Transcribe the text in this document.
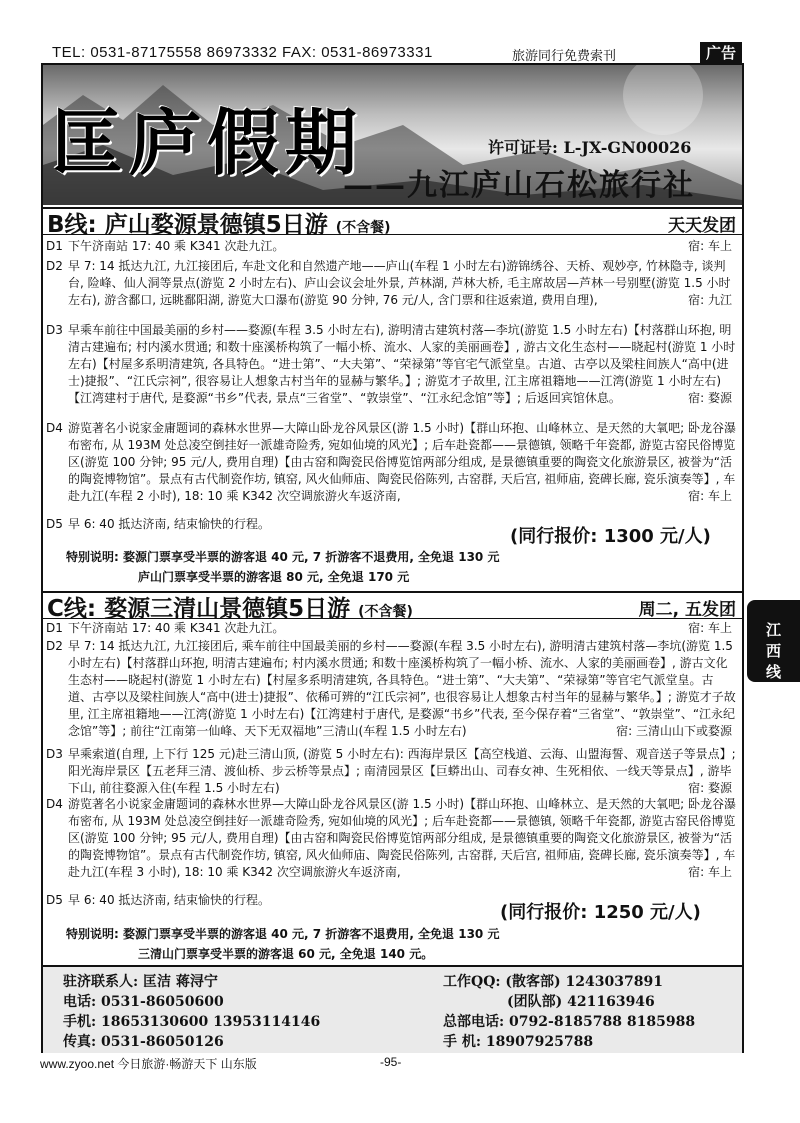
TEL: 0531-87175558 86973332 FAX: 0531-86973331	旅游同行免费索刊	广告
匡庐假期	许可证号: L-JX-GN00026
——九江庐山石松旅行社
B线: 庐山婺源景德镇5日游 (不含餐)	天天发团
D1 下午济南站 17: 40 乘 K341 次赴九江。	宿: 车上
D2 早 7: 14 抵达九江, 九江接团后, 车赴文化和自然遗产地——庐山(车程 1 小时左右)游锦绣谷、天桥、观妙亭, 竹林隐寺, 谈判台, 险峰、仙人洞等景点(游览 2 小时左右)、庐山会议会址外景, 芦林湖, 芦林大桥, 毛主席故居—芦林一号别墅(游览 1.5 小时左右), 游含鄱口, 远眺鄱阳湖, 游览大口瀑布(游览 90 分钟, 76 元/人, 含门票和往返索道, 费用自理),	宿: 九江
D3 早乘车前往中国最美丽的乡村——婺源(车程 3.5 小时左右), 游明清古建筑村落—李坑(游览 1.5 小时左右)【村落群山环抱, 明清古建遍布; 村内溪水贯通; 和数十座溪桥构筑了一幅小桥、流水、人家的美丽画卷】, 游古文化生态村——晓起村(游览 1 小时左右)【村屋多系明清建筑, 各具特色。“进士第”、“大夫第”、“荣禄第”等官宅气派堂皇。古道、古亭以及梁柱间族人“高中(进士)捷报”、“江氏宗祠”, 很容易让人想象古村当年的显赫与繁华。】; 游览才子故里, 江主席祖籍地——江湾(游览 1 小时左右)【江湾建村于唐代, 是婺源“书乡”代表, 景点“三省堂”、“敦崇堂”、“江永纪念馆”等】; 后返回宾馆休息。	宿: 婺源
D4 游览著名小说家金庸题词的森林水世界—大障山卧龙谷风景区(游 1.5 小时)【群山环抱、山峰林立、是天然的大氧吧; 卧龙谷瀑布密布, 从 193M 处总凌空倒挂好一派雄奇险秀, 宛如仙境的风光】; 后车赴瓷都——景德镇, 领略千年瓷都, 游览古窑民俗博览区(游览 100 分钟; 95 元/人, 费用自理)【由古窑和陶瓷民俗博览馆两部分组成, 是景德镇重要的陶瓷文化旅游景区, 被誉为“活的陶瓷博物馆”。景点有古代制瓷作坊, 镇窑, 风火仙师庙、陶瓷民俗陈列, 古窑群, 天后宫, 祖师庙, 瓷碑长廊, 瓷乐演奏等】, 车赴九江(车程 2 小时), 18: 10 乘 K342 次空调旅游火车返济南,	宿: 车上
D5 早 6: 40 抵达济南, 结束愉快的行程。
(同行报价: 1300 元/人)
特别说明: 婺源门票享受半票的游客退 40 元, 7 折游客不退费用, 全免退 130 元
庐山门票享受半票的游客退 80 元, 全免退 170 元
C线: 婺源三清山景德镇5日游 (不含餐)	周二, 五发团
D1 下午济南站 17: 40 乘 K341 次赴九江。	宿: 车上
D2 早 7: 14 抵达九江, 九江接团后, 乘车前往中国最美丽的乡村——婺源(车程 3.5 小时左右), 游明清古建筑村落—李坑(游览 1.5 小时左右)【村落群山环抱, 明清古建遍布; 村内溪水贯通; 和数十座溪桥构筑了一幅小桥、流水、人家的美丽画卷】, 游古文化生态村——晓起村(游览 1 小时左右)【村屋多系明清建筑, 各具特色。“进士第”、“大夫第”、“荣禄第”等官宅气派堂皇。古道、古亭以及梁柱间族人“高中(进士)捷报”、依稀可辨的“江氏宗祠”, 也很容易让人想象古村当年的显赫与繁华。】; 游览才子故里, 江主席祖籍地——江湾(游览 1 小时左右)【江湾建村于唐代, 是婺源“书乡”代表, 至今保存着“三省堂”、“敦崇堂”、“江永纪念馆”等】; 前往“江南第一仙峰、天下无双福地”三清山(车程 1.5 小时左右)	宿: 三清山山下或婺源
D3 早乘索道(自理, 上下行 125 元)赴三清山顶, (游览 5 小时左右): 西海岸景区【高空栈道、云海、山盟海誓、观音送子等景点】; 阳光海岸景区【五老拜三清、渡仙桥、步云桥等景点】; 南清园景区【巨蟒出山、司春女神、生死相依、一线天等景点】, 游毕下山, 前往婺源入住(车程 1.5 小时左右)	宿: 婺源
D4 游览著名小说家金庸题词的森林水世界—大障山卧龙谷风景区(游 1.5 小时)【群山环抱、山峰林立、是天然的大氧吧; 卧龙谷瀑布密布, 从 193M 处总凌空倒挂好一派雄奇险秀, 宛如仙境的风光】; 后车赴瓷都——景德镇, 领略千年瓷都, 游览古窑民俗博览区(游览 100 分钟; 95 元/人, 费用自理)【由古窑和陶瓷民俗博览馆两部分组成, 是景德镇重要的陶瓷文化旅游景区, 被誉为“活的陶瓷博物馆”。景点有古代制瓷作坊, 镇窑, 风火仙师庙、陶瓷民俗陈列, 古窑群, 天后宫, 祖师庙, 瓷碑长廊, 瓷乐演奏等】, 车赴九江(车程 3 小时), 18: 10 乘 K342 次空调旅游火车返济南,	宿: 车上
D5 早 6: 40 抵达济南, 结束愉快的行程。
(同行报价: 1250 元/人)
特别说明: 婺源门票享受半票的游客退 40 元, 7 折游客不退费用, 全免退 130 元
三清山门票享受半票的游客退 60 元, 全免退 140 元。
江
西
线
驻济联系人: 匡洁 蒋浔宁
电话: 0531-86050600
手机: 18653130600 13953114146
传真: 0531-86050126
工作QQ: (散客部) 1243037891
(团队部) 421163946
总部电话: 0792-8185788 8185988
手 机: 18907925788
www.zyoo.net 今日旅游·畅游天下 山东版	-95-
